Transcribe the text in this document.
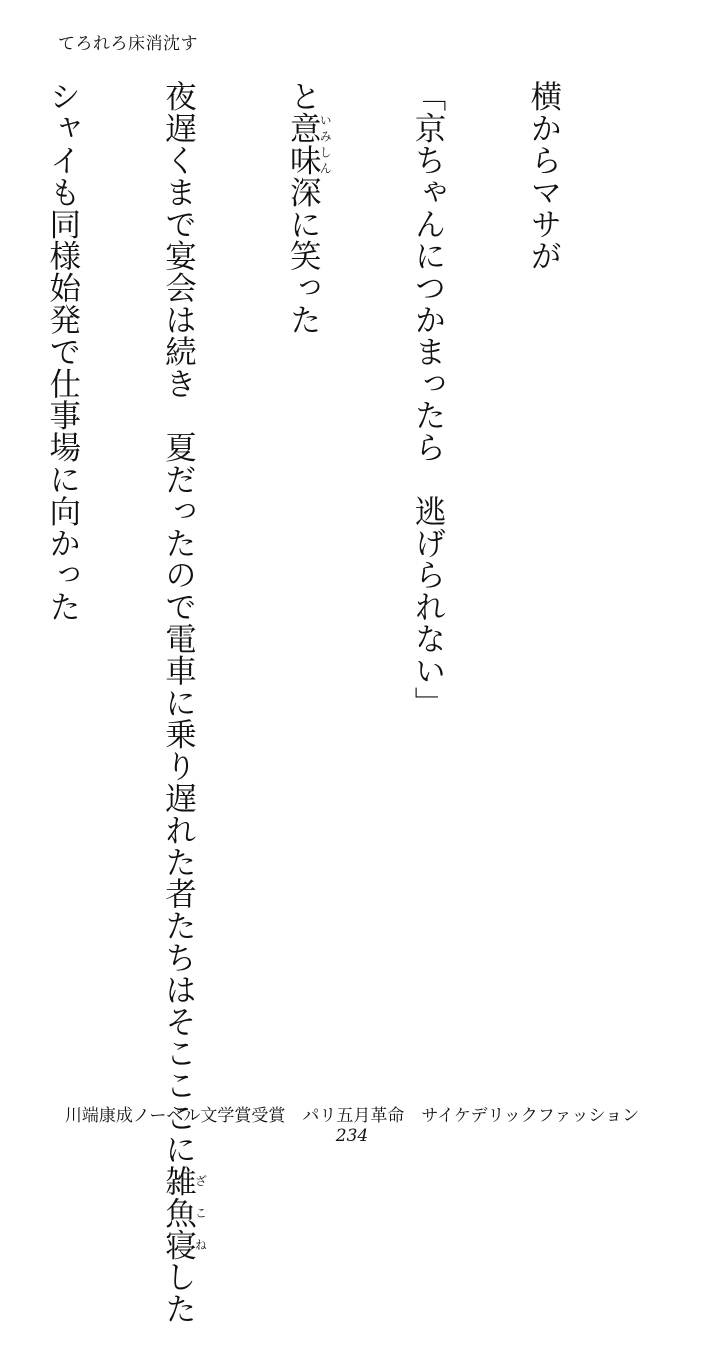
てろれろ床消沈す

横からマサが

「京ちゃんにつかまったら　逃げられない」

と意味いみしん深に笑った

夜遅くまで宴会は続き　夏だったので電車に乗り遅れた者たちはそこここに雑魚寝ざこねした

シャイも同様始発で仕事場に向かった

川端康成ノーベル文学賞受賞　パリ五月革命　サイケデリックファッション
234
